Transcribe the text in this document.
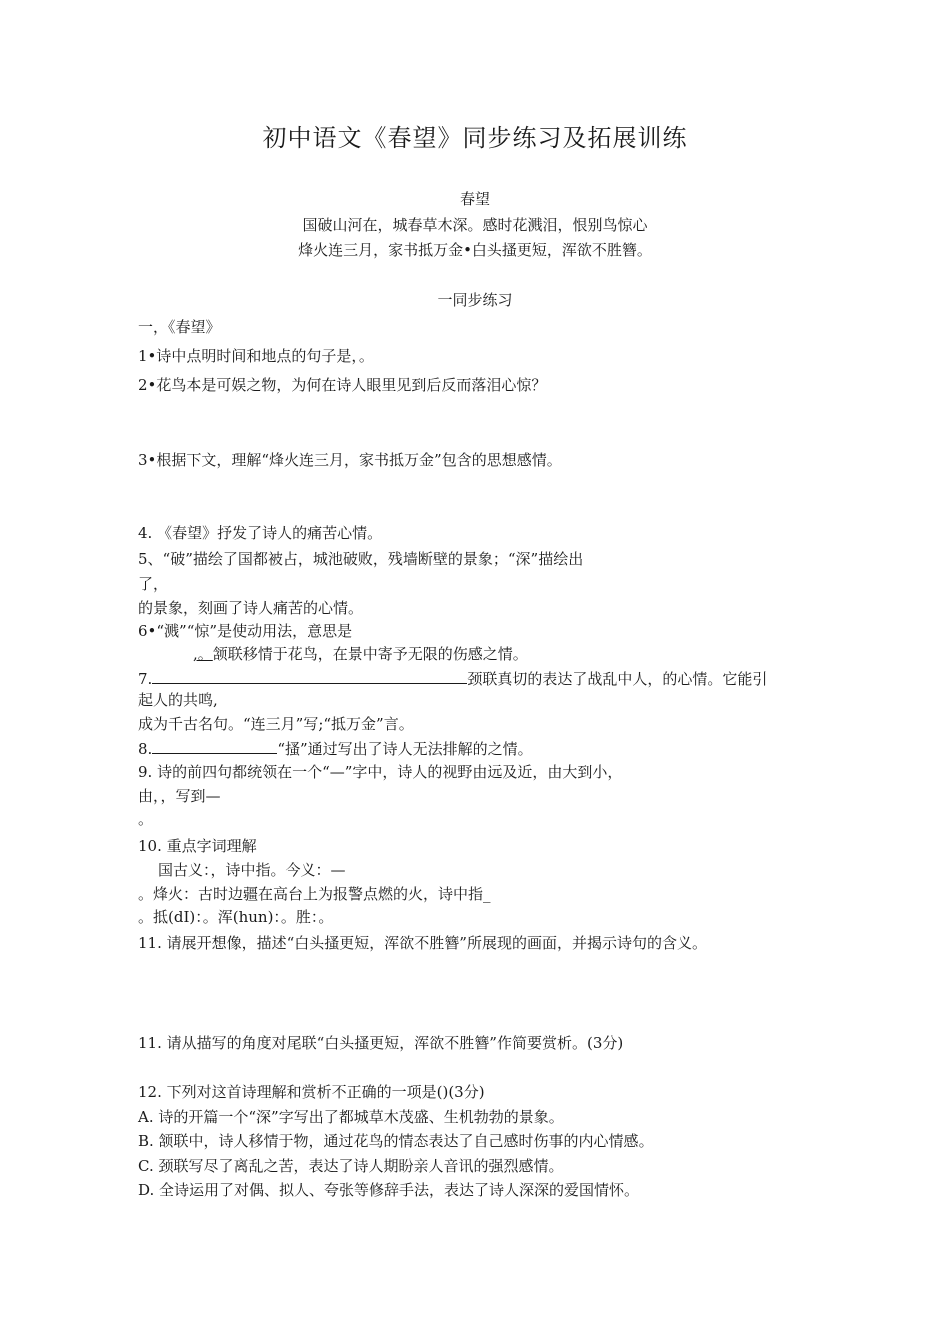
初中语文《春望》同步练习及拓展训练
春望
国破山河在，城春草木深。感时花溅泪，恨别鸟惊心
烽火连三月，家书抵万金•白头搔更短，浑欲不胜簪。
一同步练习
一，《春望》
1•诗中点明时间和地点的句子是，。
2•花鸟本是可娱之物，为何在诗人眼里见到后反而落泪心惊？
3•根据下文，理解“烽火连三月，家书抵万金”包含的思想感情。
4. 《春望》抒发了诗人的痛苦心情。
5、“破”描绘了国都被占，城池破败，残墙断壁的景象；“深”描绘出
了，
的景象，刻画了诗人痛苦的心情。
6•“溅”“惊”是使动用法，意思是
,。颔联移情于花鸟，在景中寄予无限的伤感之情。
7.	颈联真切的表达了战乱中人，的心情。它能引
起人的共鸣,
成为千古名句。“连三月”写;“抵万金”言。
8.	“搔”通过写出了诗人无法排解的之情。
9. 诗的前四句都统领在一个“—”字中，诗人的视野由远及近，由大到小，
由，，写到—
。
10. 重点字词理解
国古义：，诗中指。今义：—
。烽火：古时边疆在高台上为报警点燃的火，诗中指_
。抵(dI)：。浑(hun)：。胜：。
11. 请展开想像，描述“白头搔更短，浑欲不胜簪”所展现的画面，并揭示诗句的含义。
11. 请从描写的角度对尾联“白头搔更短，浑欲不胜簪”作简要赏析。(3分)
12. 下列对这首诗理解和赏析不正确的一项是()(3分)
A. 诗的开篇一个“深”字写出了都城草木茂盛、生机勃勃的景象。
B. 颔联中，诗人移情于物，通过花鸟的情态表达了自己感时伤事的内心情感。
C. 颈联写尽了离乱之苦，表达了诗人期盼亲人音讯的强烈感情。
D. 全诗运用了对偶、拟人、夸张等修辞手法，表达了诗人深深的爱国情怀。
